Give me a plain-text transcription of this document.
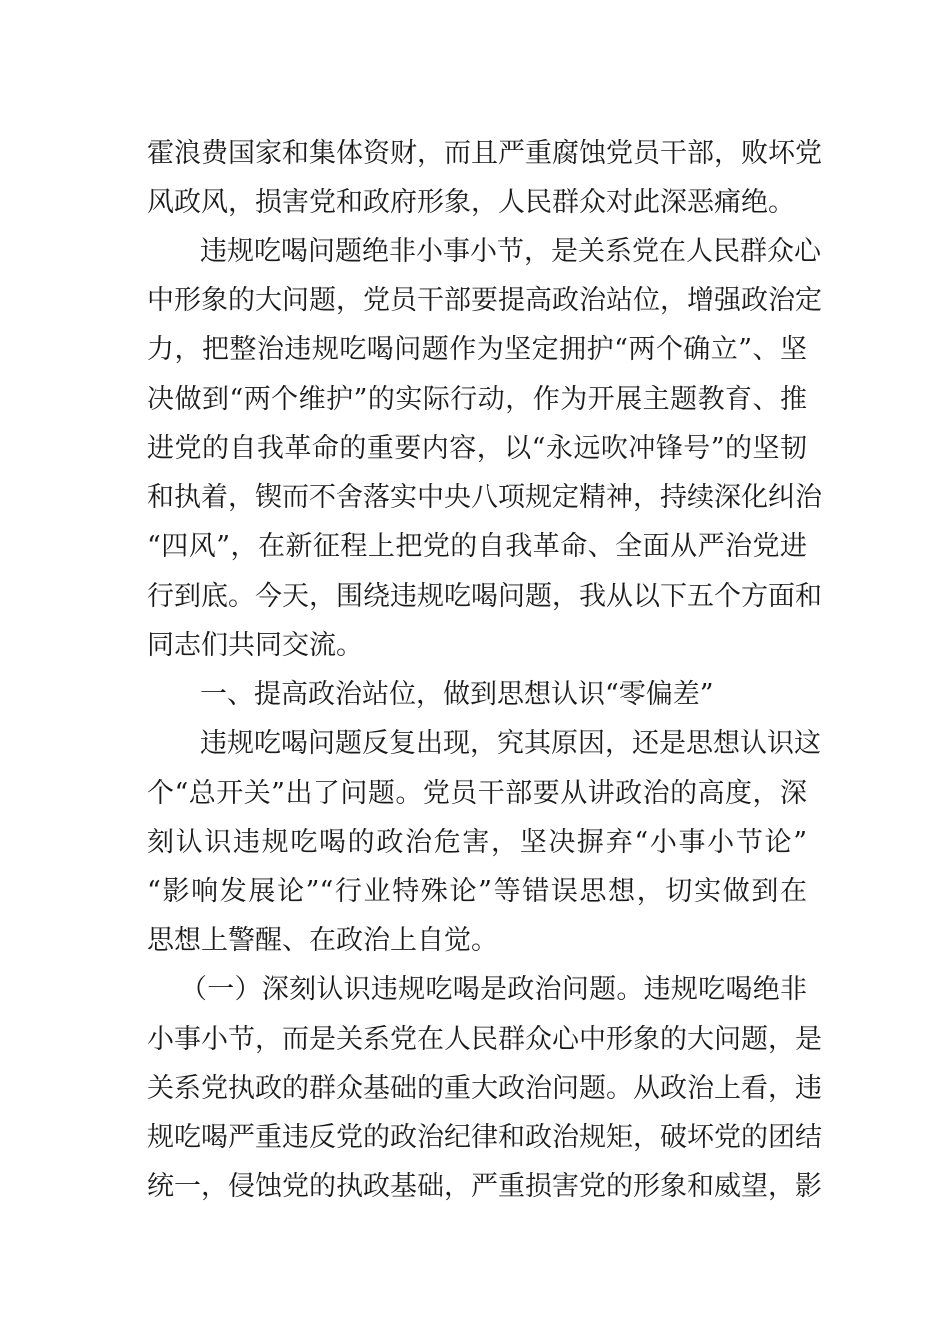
霍浪费国家和集体资财，而且严重腐蚀党员干部，败坏党
风政风，损害党和政府形象，人民群众对此深恶痛绝。
违规吃喝问题绝非小事小节，是关系党在人民群众心
中形象的大问题，党员干部要提高政治站位，增强政治定
力，把整治违规吃喝问题作为坚定拥护“两个确立”、坚
决做到“两个维护”的实际行动，作为开展主题教育、推
进党的自我革命的重要内容，以“永远吹冲锋号”的坚韧
和执着，锲而不舍落实中央八项规定精神，持续深化纠治
“四风”，在新征程上把党的自我革命、全面从严治党进
行到底。今天，围绕违规吃喝问题，我从以下五个方面和
同志们共同交流。
一、提高政治站位，做到思想认识“零偏差”
违规吃喝问题反复出现，究其原因，还是思想认识这
个“总开关”出了问题。党员干部要从讲政治的高度，深
刻认识违规吃喝的政治危害，坚决摒弃“小事小节论”
“影响发展论”“行业特殊论”等错误思想，切实做到在
思想上警醒、在政治上自觉。
（一）深刻认识违规吃喝是政治问题。违规吃喝绝非
小事小节，而是关系党在人民群众心中形象的大问题，是
关系党执政的群众基础的重大政治问题。从政治上看，违
规吃喝严重违反党的政治纪律和政治规矩，破坏党的团结
统一，侵蚀党的执政基础，严重损害党的形象和威望，影
